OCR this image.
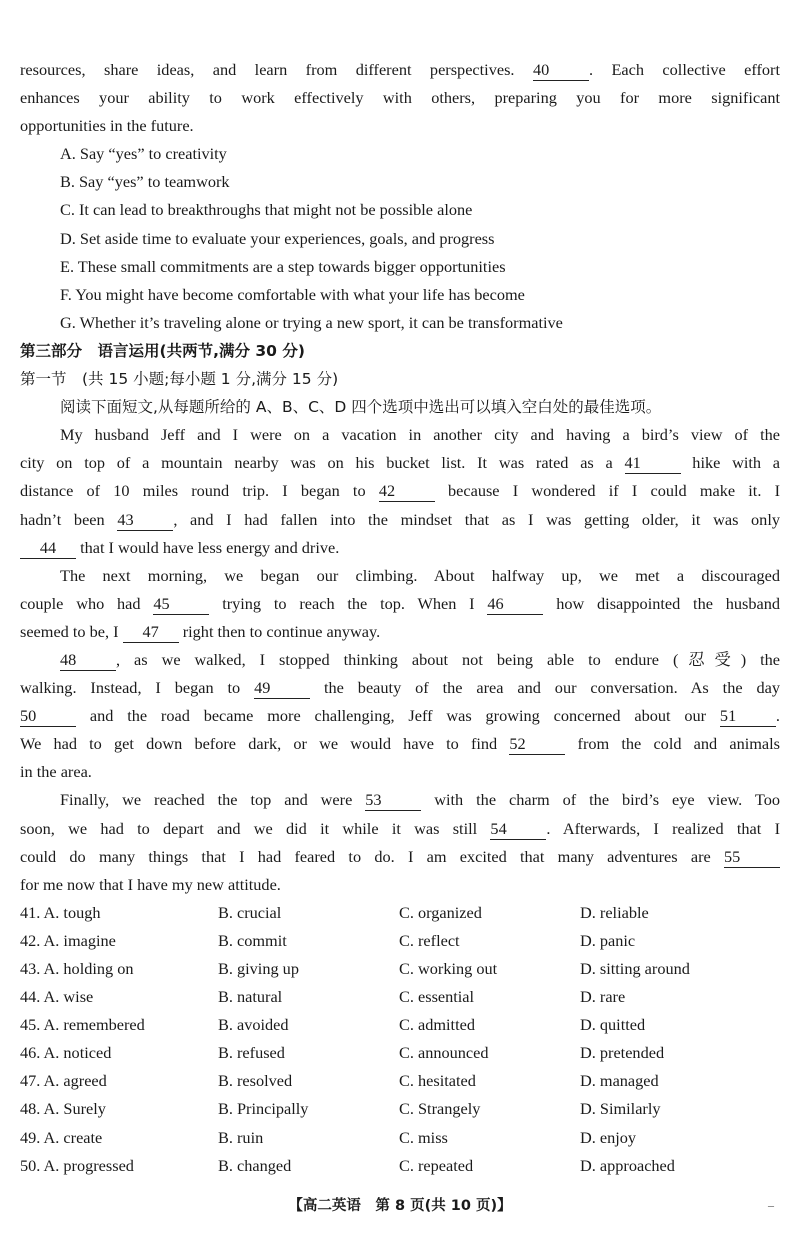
resources, share ideas, and learn from different perspectives. 40 . Each collective effort
enhances your ability to work effectively with others, preparing you for more significant
opportunities in the future.
A. Say “yes” to creativity
B. Say “yes” to teamwork
C. It can lead to breakthroughs that might not be possible alone
D. Set aside time to evaluate your experiences, goals, and progress
E. These small commitments are a step towards bigger opportunities
F. You might have become comfortable with what your life has become
G. Whether it’s traveling alone or trying a new sport, it can be transformative
第三部分　语言运用(共两节,满分 30 分)
第一节　(共 15 小题;每小题 1 分,满分 15 分)
阅读下面短文,从每题所给的 A、B、C、D 四个选项中选出可以填入空白处的最佳选项。
My husband Jeff and I were on a vacation in another city and having a bird’s view of the
city on top of a mountain nearby was on his bucket list. It was rated as a 41	hike with a
distance of 10 miles round trip. I began to 42	because I wondered if I could make it. I
hadn’t been 43 , and I had fallen into the mindset that as I was getting older, it was only
44 that I would have less energy and drive.
The next morning, we began our climbing. About halfway up, we met a discouraged
couple who had 45	trying to reach the top. When I 46	how disappointed the husband
seemed to be, I 47 right then to continue anyway.
48 , as we walked, I stopped thinking about not being able to endure (忍受) the
walking. Instead, I began to 49	the beauty of the area and our conversation. As the day
50	and the road became more challenging, Jeff was growing concerned about our 51 .
We had to get down before dark, or we would have to find 52	from the cold and animals
in the area.
Finally, we reached the top and were 53	with the charm of the bird’s eye view. Too
soon, we had to depart and we did it while it was still 54 . Afterwards, I realized that I
could do many things that I had feared to do. I am excited that many adventures are 55
for me now that I have my new attitude.
41. A. tough	B. crucial	C. organized	D. reliable
42. A. imagine	B. commit	C. reflect	D. panic
43. A. holding on	B. giving up	C. working out	D. sitting around
44. A. wise	B. natural	C. essential	D. rare
45. A. remembered	B. avoided	C. admitted	D. quitted
46. A. noticed	B. refused	C. announced	D. pretended
47. A. agreed	B. resolved	C. hesitated	D. managed
48. A. Surely	B. Principally	C. Strangely	D. Similarly
49. A. create	B. ruin	C. miss	D. enjoy
50. A. progressed	B. changed	C. repeated	D. approached
【高二英语　第 8 页(共 10 页)】	–
